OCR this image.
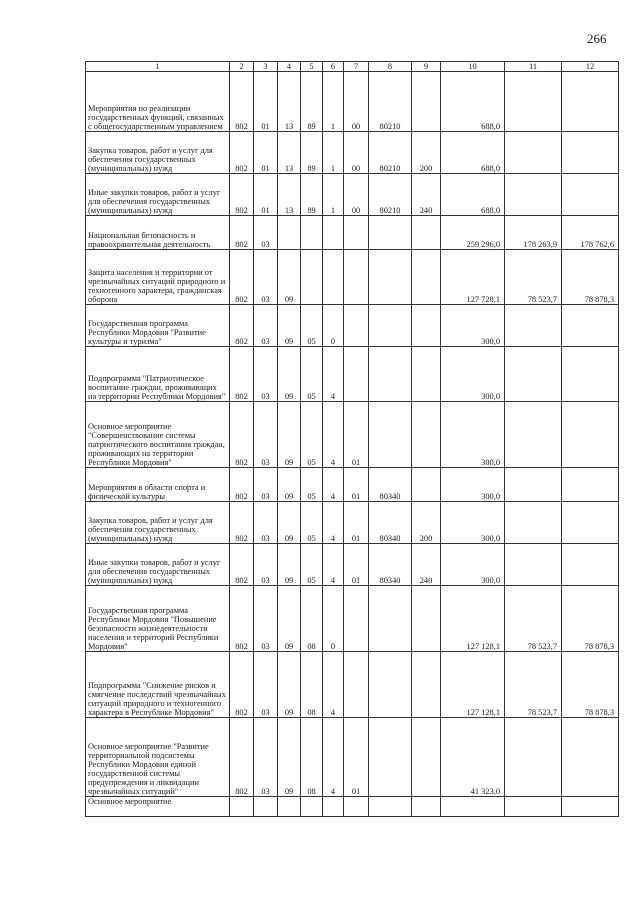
266
1	2	3	4	5	6	7	8	9	10	11	12
Мероприятия по реализации государственных функций, связанных с общегосударственным управлением	802	01	13	89	1	00	80210		688,0		
Закупка товаров, работ и услуг для обеспечения государственных (муниципальных) нужд	802	01	13	89	1	00	80210	200	688,0		
Иные закупки товаров, работ и услуг для обеспечения государственных (муниципальных) нужд	802	01	13	89	1	00	80210	240	688,0		
Национальная безопасность и правоохранительная деятельность	802	03							259 296,0	178 263,9	178 762,6
Защита населения и территории от чрезвычайных ситуаций природного и техногенного характера, гражданская оборона	802	03	09						127 728,1	78 523,7	78 878,3
Государственная программа Республики Мордовия "Развитие культуры и туризма"	802	03	09	05	0				300,0		
Подпрограмма "Патриотическое воспитание граждан, проживающих на территории Республики Мордовия"	802	03	09	05	4				300,0		
Основное мероприятие "Совершенствование системы патриотического воспитания граждан, проживающих на территории Республики Мордовия"	802	03	09	05	4	01			300,0		
Мероприятия в области спорта и физической культуры	802	03	09	05	4	01	80340		300,0		
Закупка товаров, работ и услуг для обеспечения государственных (муниципальных) нужд	802	03	09	05	4	01	80340	200	300,0		
Иные закупки товаров, работ и услуг для обеспечения государственных (муниципальных) нужд	802	03	09	05	4	01	80340	240	300,0		
Государственная программа Республики Мордовия "Повышение безопасности жизнедеятельности населения и территорий Республики Мордовия"	802	03	09	08	0				127 128,1	78 523,7	78 878,3
Подпрограмма "Снижение рисков и смягчение последствий чрезвычайных ситуаций природного и техногенного характера в Республике Мордовия"	802	03	09	08	4				127 128,1	78 523,7	78 878,3
Основное мероприятие "Развитие территориальной подсистемы Республики Мордовия единой государственной системы предупреждения и ликвидации чрезвычайных ситуаций"	802	03	09	08	4	01			41 323,0		
Основное мероприятие											
